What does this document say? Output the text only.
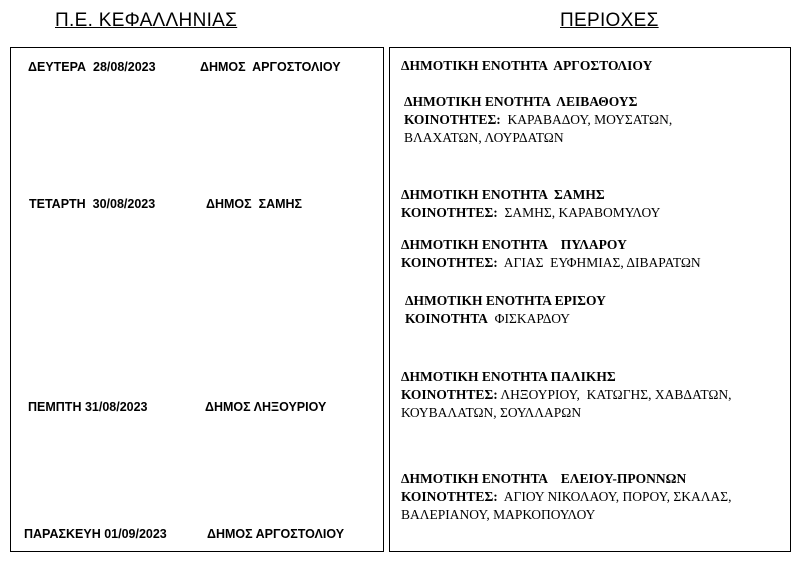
Π.Ε. ΚΕΦΑΛΛΗΝΙΑΣ	ΠΕΡΙΟΧΕΣ
ΔΕΥΤΕΡΑ  28/08/2023	ΔΗΜΟΣ  ΑΡΓΟΣΤΟΛΙΟΥ
ΤΕΤΑΡΤΗ  30/08/2023	ΔΗΜΟΣ  ΣΑΜΗΣ
ΠΕΜΠΤΗ 31/08/2023	ΔΗΜΟΣ ΛΗΞΟΥΡΙΟΥ
ΠΑΡΑΣΚΕΥΗ 01/09/2023	ΔΗΜΟΣ ΑΡΓΟΣΤΟΛΙΟΥ
ΔΗΜΟΤΙΚΗ ΕΝΟΤΗΤΑ  ΑΡΓΟΣΤΟΛΙΟΥ
ΔΗΜΟΤΙΚΗ ΕΝΟΤΗΤΑ  ΛΕΙΒΑΘΟΥΣ
ΚΟΙΝΟΤΗΤΕΣ:  ΚΑΡΑΒΑΔΟΥ, ΜΟΥΣΑΤΩΝ,
ΒΛΑΧΑΤΩΝ, ΛΟΥΡΔΑΤΩΝ
ΔΗΜΟΤΙΚΗ ΕΝΟΤΗΤΑ  ΣΑΜΗΣ
ΚΟΙΝΟΤΗΤΕΣ:  ΣΑΜΗΣ, ΚΑΡΑΒΟΜΥΛΟΥ
ΔΗΜΟΤΙΚΗ ΕΝΟΤΗΤΑ    ΠΥΛΑΡΟΥ
ΚΟΙΝΟΤΗΤΕΣ:  ΑΓΙΑΣ  ΕΥΦΗΜΙΑΣ, ΔΙΒΑΡΑΤΩΝ
ΔΗΜΟΤΙΚΗ ΕΝΟΤΗΤΑ ΕΡΙΣΟΥ
ΚΟΙΝΟΤΗΤΑ  ΦΙΣΚΑΡΔΟΥ
ΔΗΜΟΤΙΚΗ ΕΝΟΤΗΤΑ ΠΑΛΙΚΗΣ
ΚΟΙΝΟΤΗΤΕΣ: ΛΗΞΟΥΡΙΟΥ,  ΚΑΤΩΓΗΣ, ΧΑΒΔΑΤΩΝ,
ΚΟΥΒΑΛΑΤΩΝ, ΣΟΥΛΛΑΡΩΝ
ΔΗΜΟΤΙΚΗ ΕΝΟΤΗΤΑ    ΕΛΕΙΟΥ-ΠΡΟΝΝΩΝ
ΚΟΙΝΟΤΗΤΕΣ:  ΑΓΙΟΥ ΝΙΚΟΛΑΟΥ, ΠΟΡΟΥ, ΣΚΑΛΑΣ,
ΒΑΛΕΡΙΑΝΟΥ, ΜΑΡΚΟΠΟΥΛΟΥ
